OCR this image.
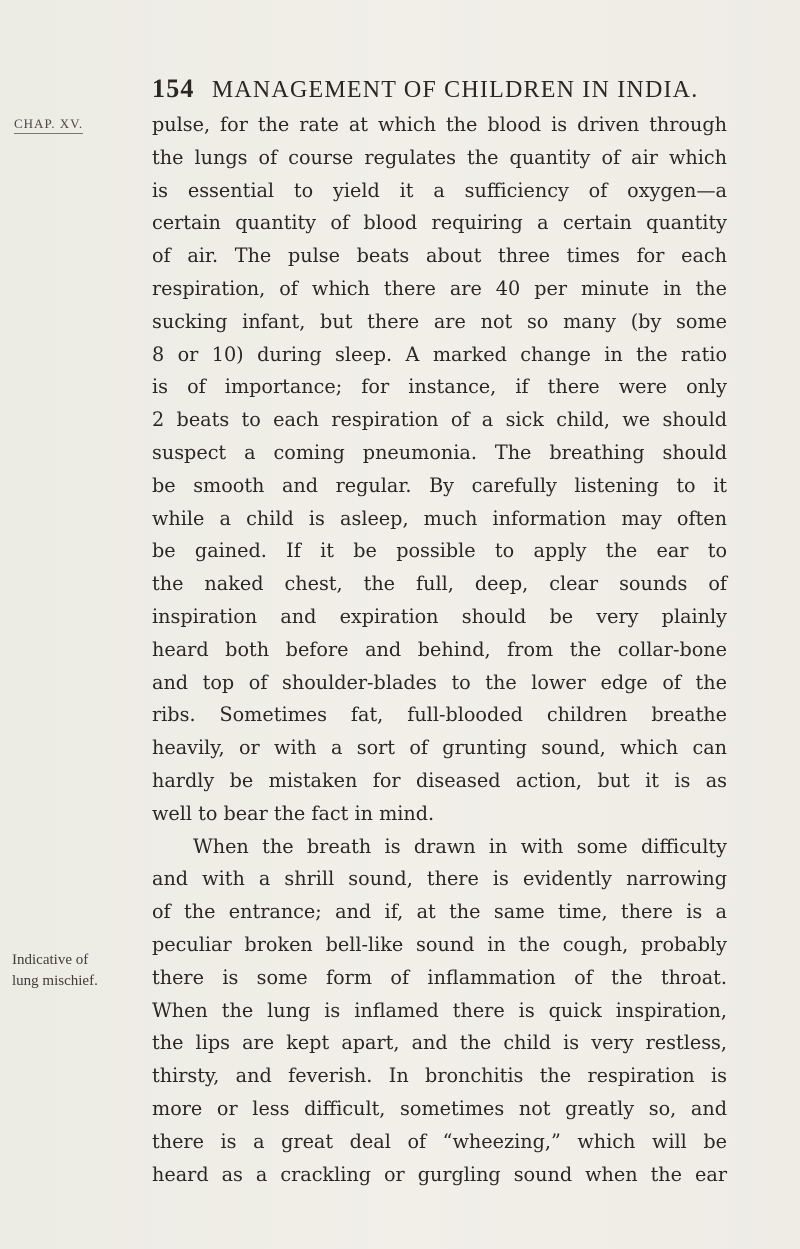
154 MANAGEMENT OF CHILDREN IN INDIA.
CHAP. XV.
Indicative of
lung mischief.
pulse, for the rate at which the blood is driven through
the lungs of course regulates the quantity of air which
is essential to yield it a sufficiency of oxygen—a
certain quantity of blood requiring a certain quantity
of air. The pulse beats about three times for each
respiration, of which there are 40 per minute in the
sucking infant, but there are not so many (by some
8 or 10) during sleep. A marked change in the ratio
is of importance; for instance, if there were only
2 beats to each respiration of a sick child, we should
suspect a coming pneumonia. The breathing should
be smooth and regular. By carefully listening to it
while a child is asleep, much information may often
be gained. If it be possible to apply the ear to
the naked chest, the full, deep, clear sounds of
inspiration and expiration should be very plainly
heard both before and behind, from the collar-bone
and top of shoulder-blades to the lower edge of the
ribs. Sometimes fat, full-blooded children breathe
heavily, or with a sort of grunting sound, which can
hardly be mistaken for diseased action, but it is as
well to bear the fact in mind.
When the breath is drawn in with some difficulty
and with a shrill sound, there is evidently narrowing
of the entrance; and if, at the same time, there is a
peculiar broken bell-like sound in the cough, probably
there is some form of inflammation of the throat.
When the lung is inflamed there is quick inspiration,
the lips are kept apart, and the child is very restless,
thirsty, and feverish. In bronchitis the respiration is
more or less difficult, sometimes not greatly so, and
there is a great deal of “wheezing,” which will be
heard as a crackling or gurgling sound when the ear
